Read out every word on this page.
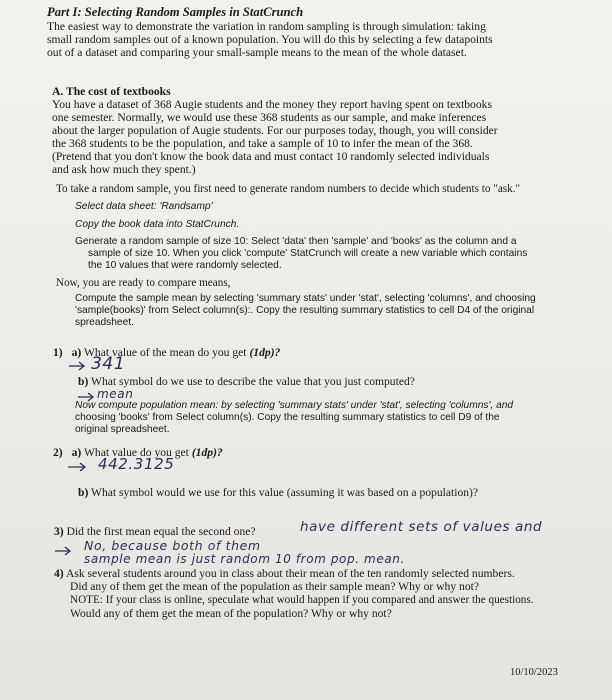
Part I: Selecting Random Samples in StatCrunch
The easiest way to demonstrate the variation in random sampling is through simulation: taking
small random samples out of a known population. You will do this by selecting a few datapoints
out of a dataset and comparing your small-sample means to the mean of the whole dataset.
A. The cost of textbooks
You have a dataset of 368 Augie students and the money they report having spent on textbooks
one semester. Normally, we would use these 368 students as our sample, and make inferences
about the larger population of Augie students. For our purposes today, though, you will consider
the 368 students to be the population, and take a sample of 10 to infer the mean of the 368.
(Pretend that you don't know the book data and must contact 10 randomly selected individuals
and ask how much they spent.)
To take a random sample, you first need to generate random numbers to decide which students to "ask."
Select data sheet: 'Randsamp'
Copy the book data into StatCrunch.
Generate a random sample of size 10: Select 'data' then 'sample' and 'books' as the column and a
sample of size 10. When you click 'compute' StatCrunch will create a new variable which contains
the 10 values that were randomly selected.
Now, you are ready to compare means,
Compute the sample mean by selecting 'summary stats' under 'stat', selecting 'columns', and choosing
'sample(books)' from Select column(s):. Copy the resulting summary statistics to cell D4 of the original
spreadsheet.
1) a) What value of the mean do you get (1dp)?
341
b) What symbol do we use to describe the value that you just computed?
mean
Now compute population mean: by selecting 'summary stats' under 'stat', selecting 'columns', and
choosing 'books' from Select column(s). Copy the resulting summary statistics to cell D9 of the
original spreadsheet.
2) a) What value do you get (1dp)?
442.3125
b) What symbol would we use for this value (assuming it was based on a population)?
3) Did the first mean equal the second one?	have different sets of values and
No, because both of them
sample mean is just random 10 from pop. mean.
4) Ask several students around you in class about their mean of the ten randomly selected numbers.
Did any of them get the mean of the population as their sample mean? Why or why not?
NOTE: If your class is online, speculate what would happen if you compared and answer the questions.
Would any of them get the mean of the population? Why or why not?
10/10/2023
